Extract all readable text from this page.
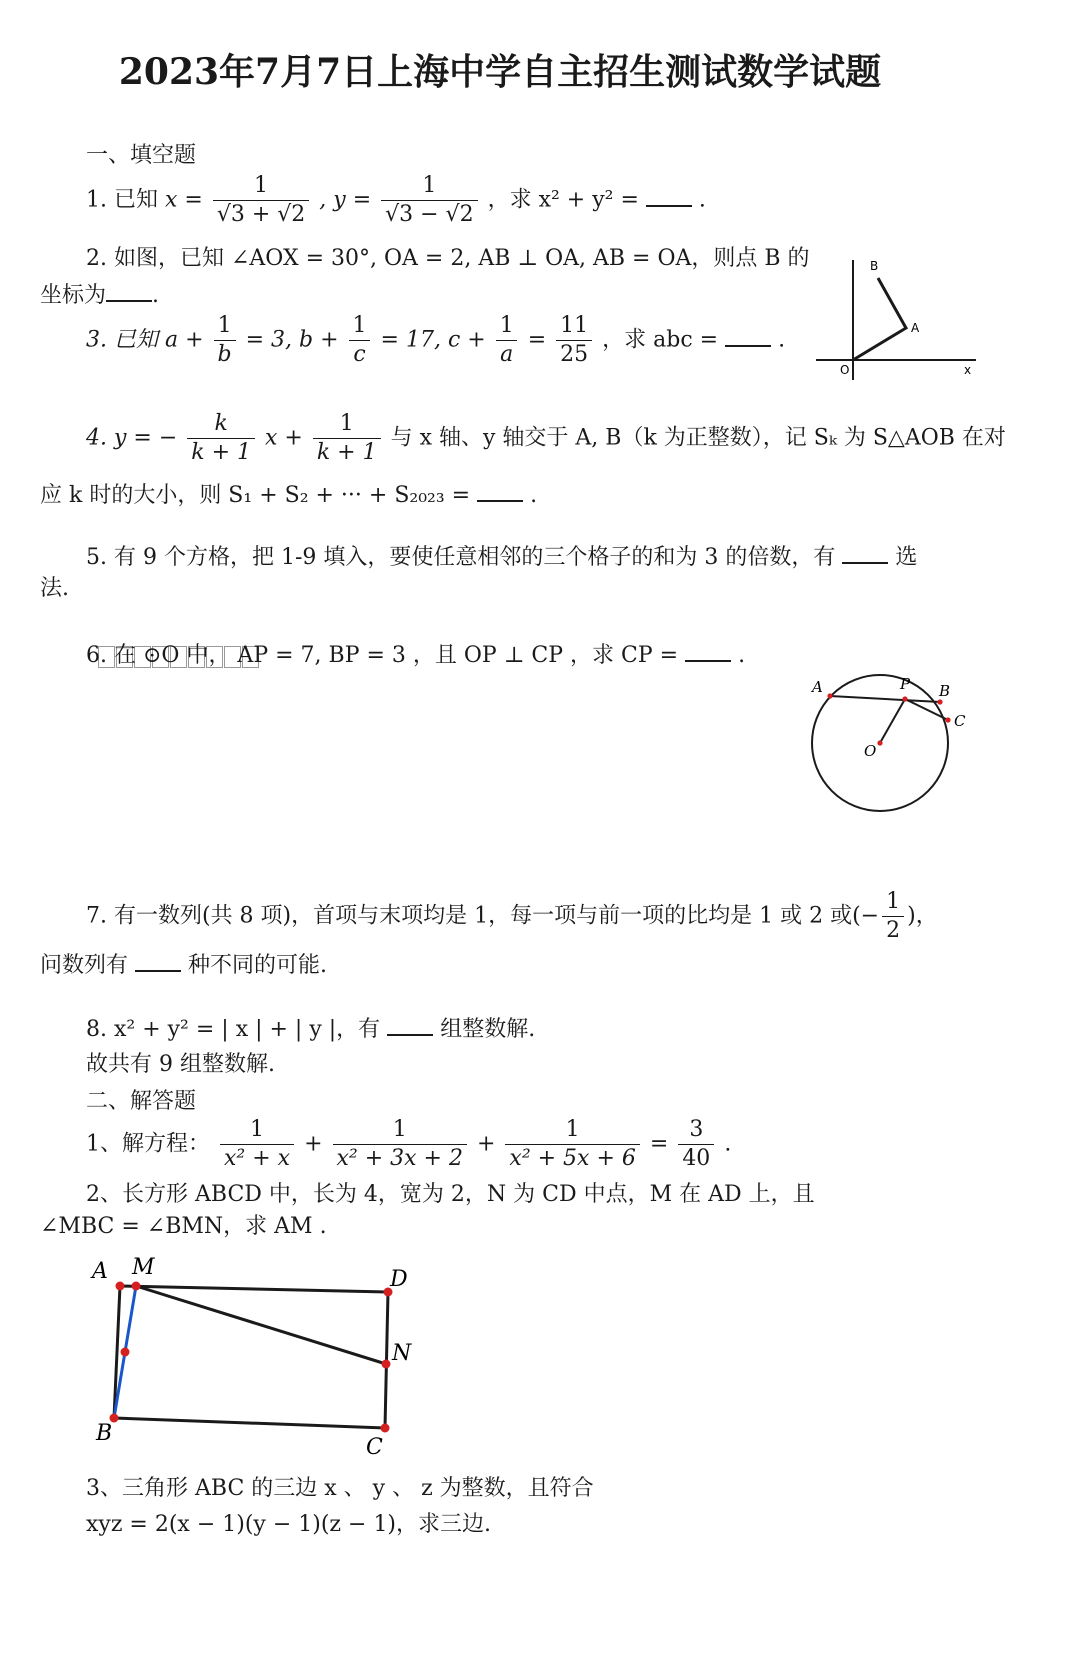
2023年7月7日上海中学自主招生测试数学试题
一、填空题
1. 已知 $x = \frac{1}{√3 + √2}$ , $y = \frac{1}{√3 - √2}$ ，求 x² + y² =	.
2. 如图，已知 ∠AOX = 30°, OA = 2, AB ⊥ OA, AB = OA，则点 B 的
坐标为 .
B
A
O	x
3. 已知 $a + \frac{1}{b} = 3$, $b + \frac{1}{c} = 17$, $c + \frac{1}{a} = \frac{11}{25}$ ，求 abc =	.
4. y = − $\frac{k}{k + 1}$ $x + \frac{1}{k + 1}$ 与 x 轴、y 轴交于 A, B（k 为正整数），记 Sₖ 为 S△AOB 在对
应 k 时的大小，则 S₁ + S₂ + ··· + S₂₀₂₃ =	.
5. 有 9 个方格，把 1-9 填入，要使任意相邻的三个格子的和为 3 的倍数，有	选
法.
6. 在 ⊙O 中， AP = 7, BP = 3 ，且 OP ⊥ CP ，求 CP =	.
A	P B
C
O
7. 有一数列(共 8 项)，首项与末项均是 1，每一项与前一项的比均是 1 或 2 或(− $\frac{1}{2}$ )，
问数列有	种不同的可能.
8. x² + y² = | x | + | y |，有	组整数解.
故共有 9 组整数解.
二、解答题
1、解方程： $\frac{1}{\text{x² + x}} + \frac{1}{\text{x² + 3x + 2}} + \frac{1}{\text{x² + 5x + 6}} = \frac{3}{40}$ .
2、长方形 ABCD 中，长为 4，宽为 2，N 为 CD 中点，M 在 AD 上，且
∠MBC = ∠BMN，求 AM .
A M	D
N
C
B
3、三角形 ABC 的三边 x 、 y 、 z 为整数，且符合
xyz = 2(x − 1)(y − 1)(z − 1)，求三边.
